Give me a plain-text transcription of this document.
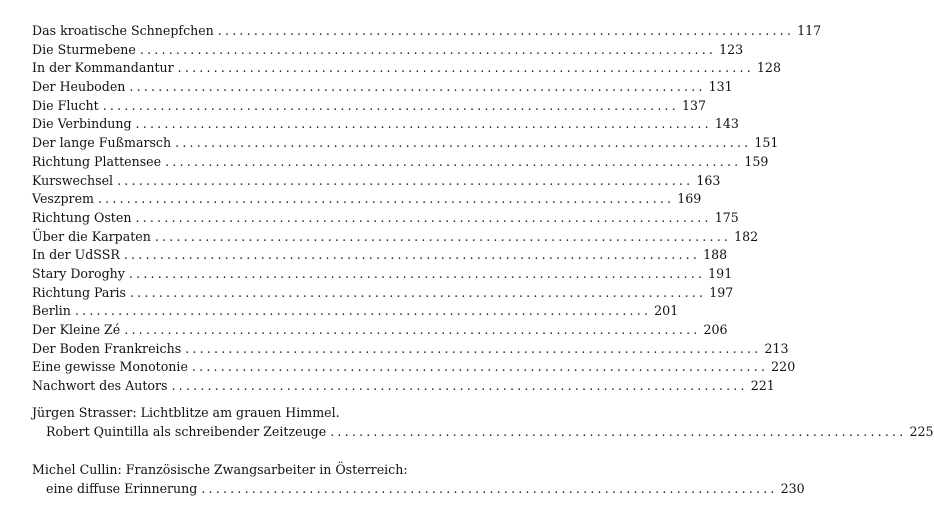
Das kroatische Schnepfchen ................................................................................ 117
Die Sturmebene ................................................................................ 123
In der Kommandantur ................................................................................ 128
Der Heuboden ................................................................................ 131
Die Flucht ................................................................................ 137
Die Verbindung ................................................................................ 143
Der lange Fußmarsch ................................................................................ 151
Richtung Plattensee ................................................................................ 159
Kurswechsel ................................................................................ 163
Veszprem ................................................................................ 169
Richtung Osten ................................................................................ 175
Über die Karpaten ................................................................................ 182
In der UdSSR ................................................................................ 188
Stary Doroghy ................................................................................ 191
Richtung Paris ................................................................................ 197
Berlin ................................................................................ 201
Der Kleine Zé ................................................................................ 206
Der Boden Frankreichs ................................................................................ 213
Eine gewisse Monotonie ................................................................................ 220
Nachwort des Autors ................................................................................ 221
Jürgen Strasser: Lichtblitze am grauen Himmel.
Robert Quintilla als schreibender Zeitzeuge ................................................................................ 225
Michel Cullin: Französische Zwangsarbeiter in Österreich:
eine diffuse Erinnerung ................................................................................ 230
